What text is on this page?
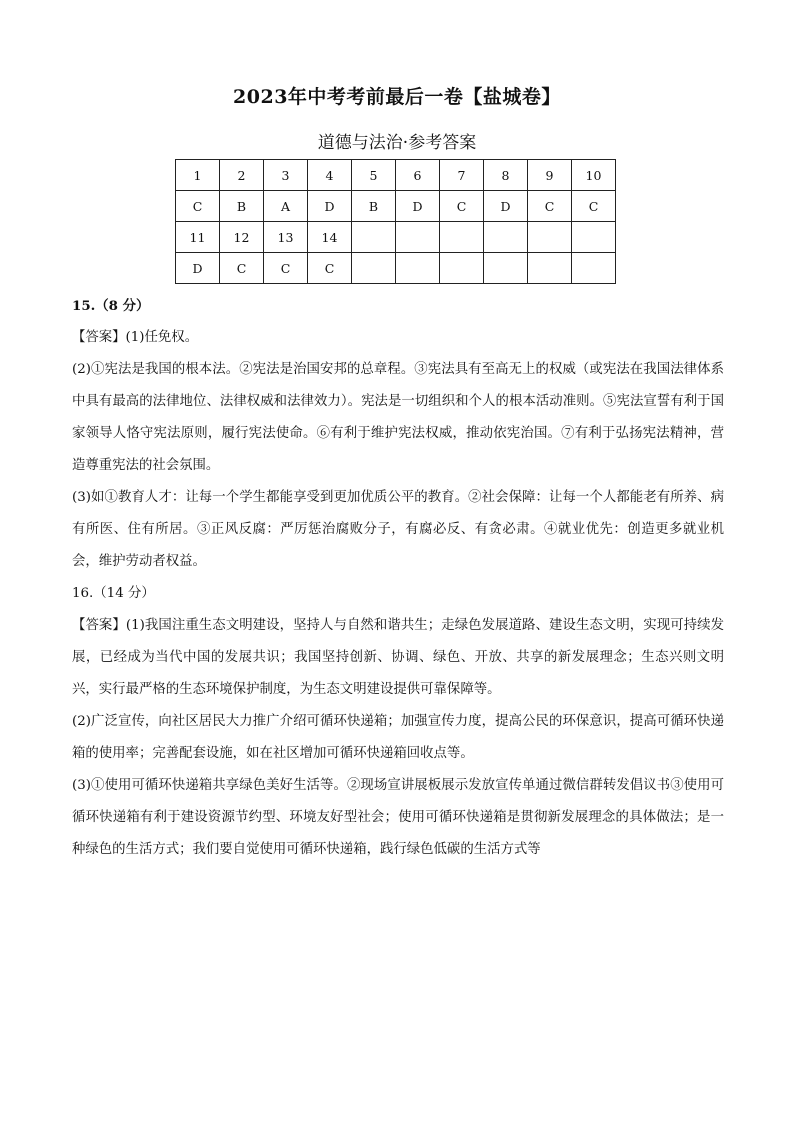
2023年中考考前最后一卷【盐城卷】
道德与法治·参考答案
1	2	3	4	5	6	7	8	9	10
C	B	A	D	B	D	C	D	C	C
11	12	13	14						
D	C	C	C						

15.（8 分）

【答案】(1)任免权。

(2)①宪法是我国的根本法。②宪法是治国安邦的总章程。③宪法具有至高无上的权威（或宪法在我国法律体系中具有最高的法律地位、法律权威和法律效力）。宪法是一切组织和个人的根本活动准则。⑤宪法宣誓有利于国家领导人恪守宪法原则，履行宪法使命。⑥有利于维护宪法权威，推动依宪治国。⑦有利于弘扬宪法精神，营造尊重宪法的社会氛围。

(3)如①教育人才：让每一个学生都能享受到更加优质公平的教育。②社会保障：让每一个人都能老有所养、病有所医、住有所居。③正风反腐：严厉惩治腐败分子，有腐必反、有贪必肃。④就业优先：创造更多就业机会，维护劳动者权益。

16.（14 分）

【答案】(1)我国注重生态文明建设，坚持人与自然和谐共生；走绿色发展道路、建设生态文明，实现可持续发展，已经成为当代中国的发展共识；我国坚持创新、协调、绿色、开放、共享的新发展理念；生态兴则文明兴，实行最严格的生态环境保护制度，为生态文明建设提供可靠保障等。

(2)广泛宣传，向社区居民大力推广介绍可循环快递箱；加强宣传力度，提高公民的环保意识，提高可循环快递箱的使用率；完善配套设施，如在社区增加可循环快递箱回收点等。

(3)①使用可循环快递箱共享绿色美好生活等。②现场宣讲展板展示发放宣传单通过微信群转发倡议书③使用可循环快递箱有利于建设资源节约型、环境友好型社会；使用可循环快递箱是贯彻新发展理念的具体做法；是一种绿色的生活方式；我们要自觉使用可循环快递箱，践行绿色低碳的生活方式等
